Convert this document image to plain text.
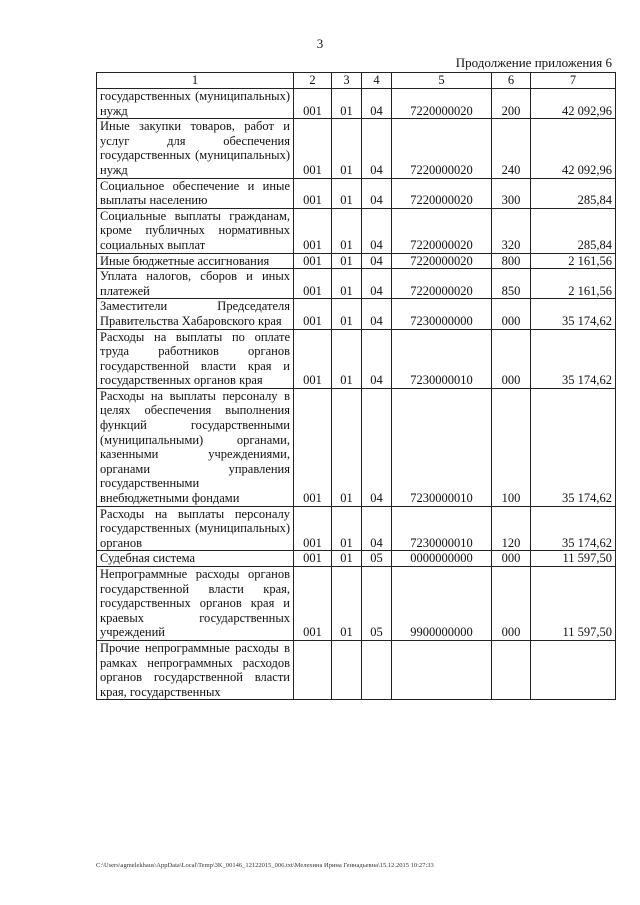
3
Продолжение приложения 6
1	2	3	4	5	6	7
государственных (муниципальных) нужд	001	01	04	7220000020	200	42 092,96
Иные закупки товаров, работ и услуг для обеспечения государственных (муниципальных) нужд	001	01	04	7220000020	240	42 092,96
Социальное обеспечение и иные выплаты населению	001	01	04	7220000020	300	285,84
Социальные выплаты гражданам, кроме публичных нормативных социальных выплат	001	01	04	7220000020	320	285,84
Иные бюджетные ассигнования	001	01	04	7220000020	800	2 161,56
Уплата налогов, сборов и иных платежей	001	01	04	7220000020	850	2 161,56
Заместители Председателя Правительства Хабаровского края	001	01	04	7230000000	000	35 174,62
Расходы на выплаты по оплате труда работников органов государственной власти края и государственных органов края	001	01	04	7230000010	000	35 174,62
Расходы на выплаты персоналу в целях обеспечения выполнения функций государственными (муниципальными) органами, казенными учреждениями, органами управления государственными внебюджетными фондами	001	01	04	7230000010	100	35 174,62
Расходы на выплаты персоналу государственных (муниципальных) органов	001	01	04	7230000010	120	35 174,62
Судебная система	001	01	05	0000000000	000	11 597,50
Непрограммные расходы органов государственной власти края, государственных органов края и краевых государственных учреждений	001	01	05	9900000000	000	11 597,50
Прочие непрограммные расходы в рамках непрограммных расходов органов государственной власти края, государственных						
C:\Users\agmelekhaus\AppData\Local\Temp\3K_00146_12122015_006.txt\Мелехина Ирина Геннадьевна\15.12.2015 10:27:33
